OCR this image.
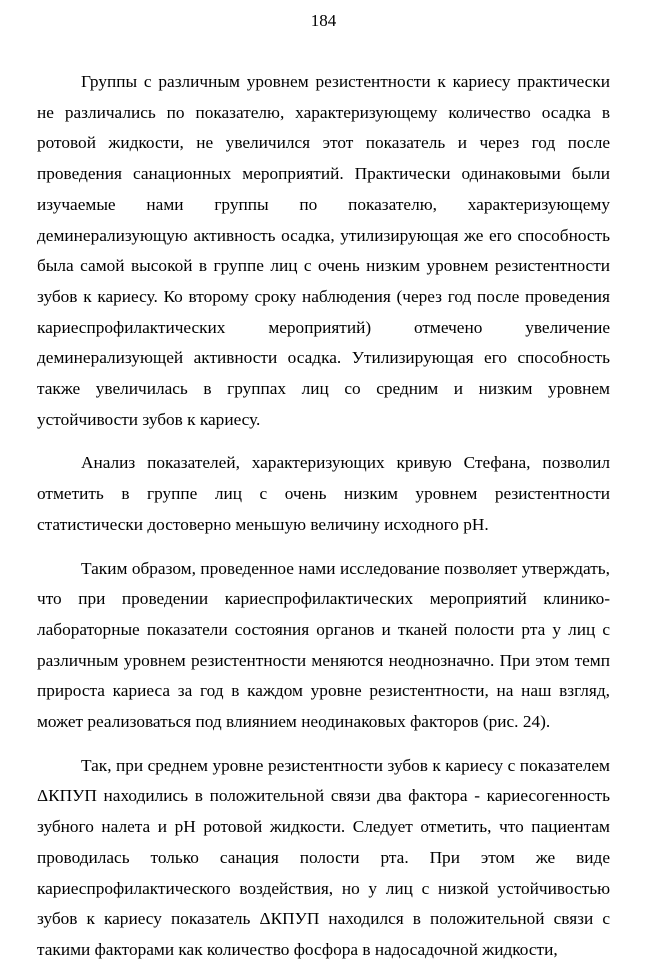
184

Группы с различным уровнем резистентности к кариесу практически не различались по показателю, характеризующему количество осадка в ротовой жидкости, не увеличился этот показатель и через год после проведения санационных мероприятий. Практически одинаковыми были изучаемые нами группы по показателю, характеризующему деминерализующую активность осадка, утилизирующая же его способность была самой высокой в группе лиц с очень низким уровнем резистентности зубов к кариесу. Ко второму сроку наблюдения (через год после проведения кариеспрофилактических мероприятий) отмечено увеличение деминерализующей активности осадка. Утилизирующая его способность также увеличилась в группах лиц со средним и низким уровнем устойчивости зубов к кариесу.

Анализ показателей, характеризующих кривую Стефана, позволил отметить в группе лиц с очень низким уровнем резистентности статистически достоверно меньшую величину исходного pH.

Таким образом, проведенное нами исследование позволяет утверждать, что при проведении кариеспрофилактических мероприятий клинико-лабораторные показатели состояния органов и тканей полости рта у лиц с различным уровнем резистентности меняются неоднозначно. При этом темп прироста кариеса за год в каждом уровне резистентности, на наш взгляд, может реализоваться под влиянием неодинаковых факторов (рис. 24).

Так, при среднем уровне резистентности зубов к кариесу с показателем ΔКПУП находились в положительной связи два фактора - кариесогенность зубного налета и pH ротовой жидкости. Следует отметить, что пациентам проводилась только санация полости рта. При этом же виде кариеспрофилактического воздействия, но у лиц с низкой устойчивостью зубов к кариесу показатель ΔКПУП находился в положительной связи с такими факторами как количество фосфора в надосадочной жидкости,
